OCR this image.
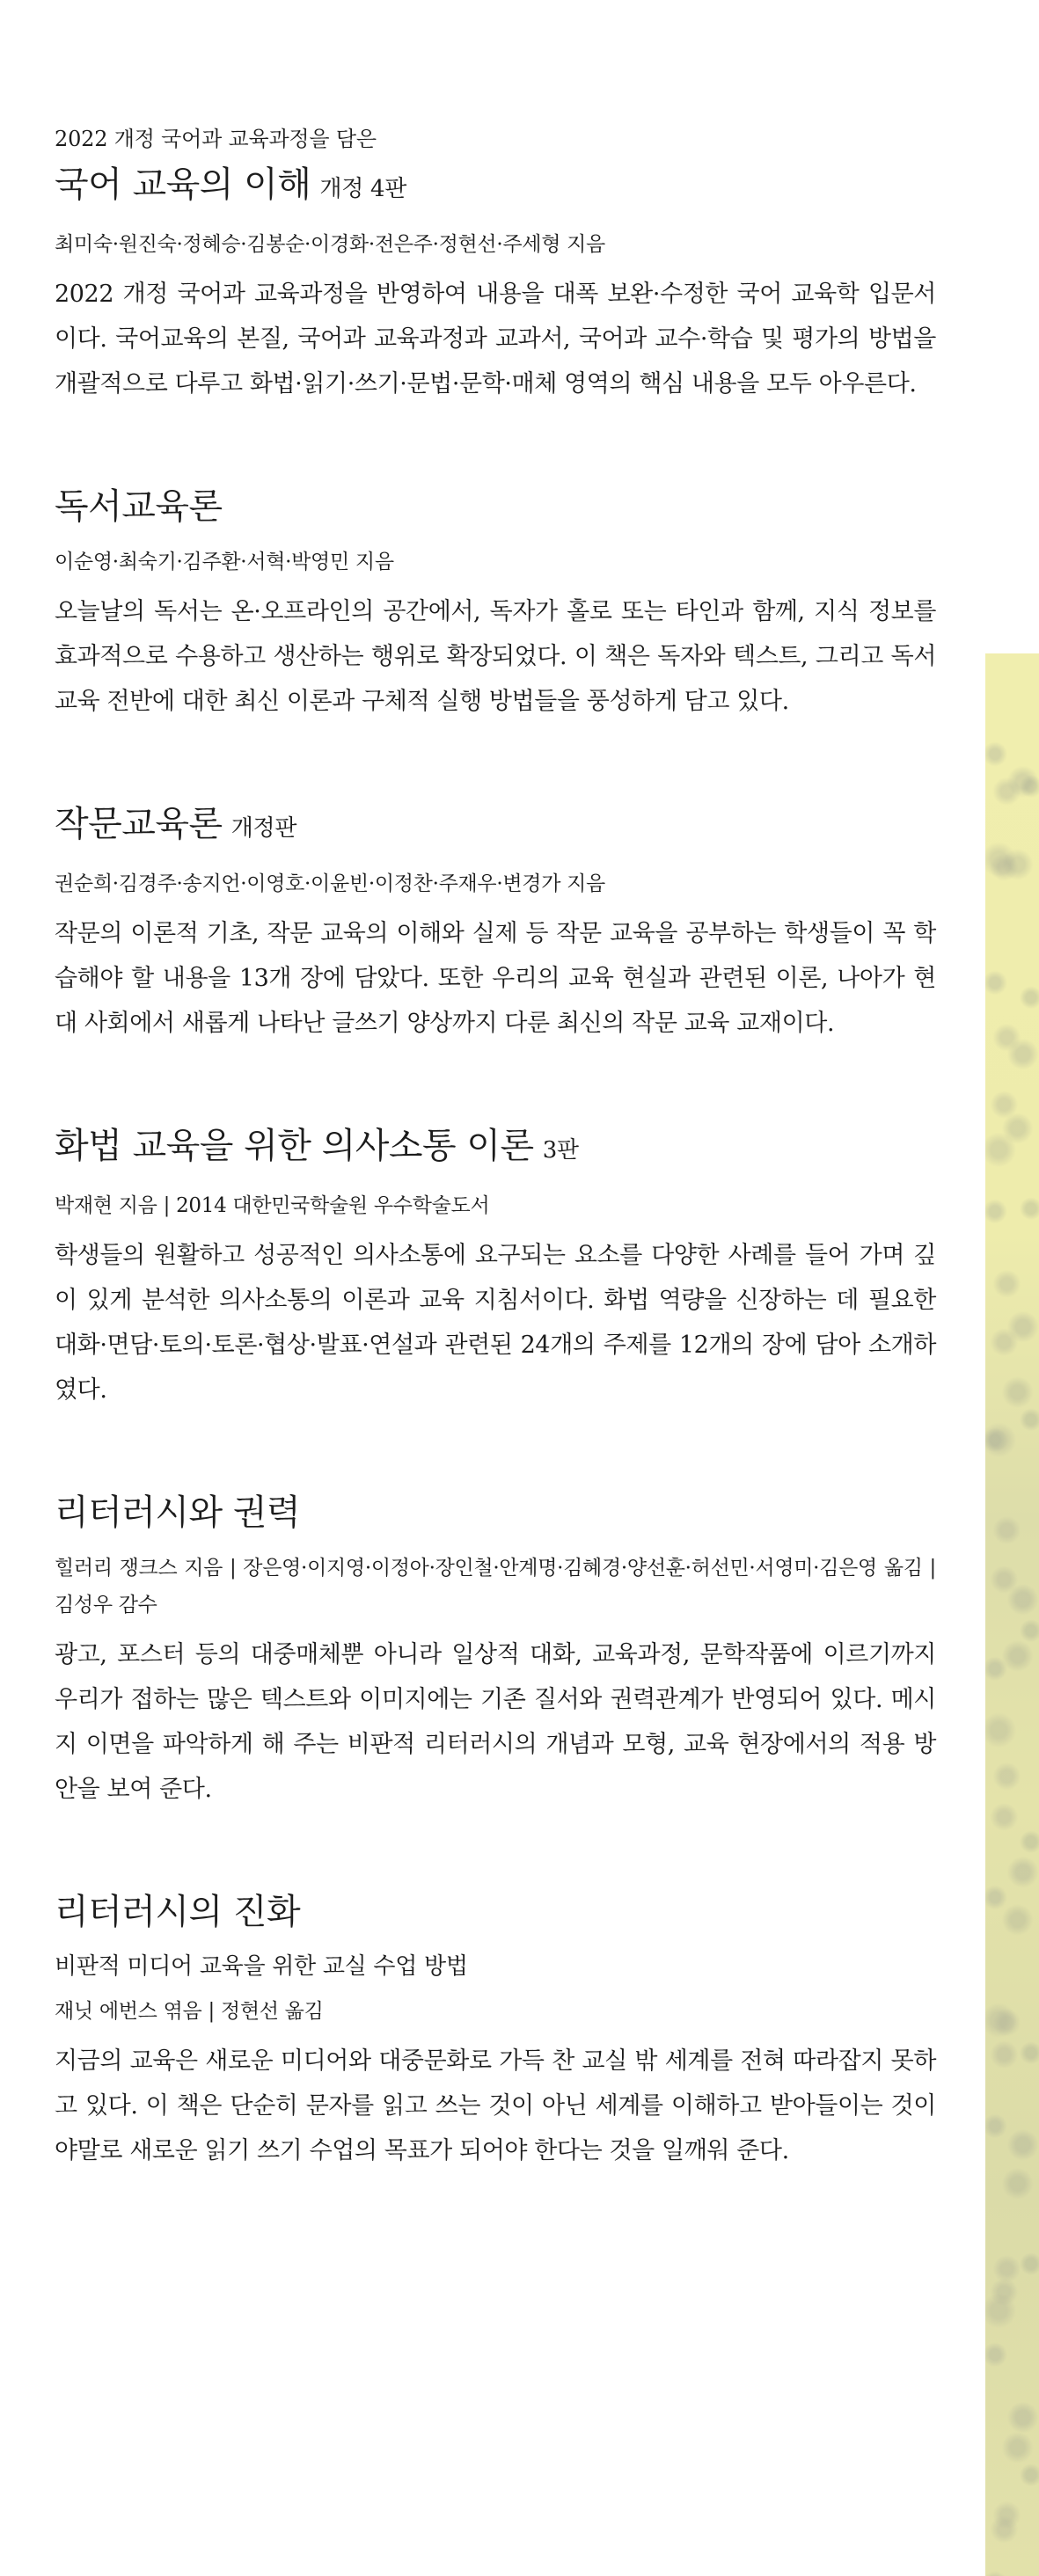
2022 개정 국어과 교육과정을 담은

국어 교육의 이해 개정 4판

최미숙·원진숙·정혜승·김봉순·이경화·전은주·정현선·주세형 지음

2022 개정 국어과 교육과정을 반영하여 내용을 대폭 보완·수정한 국어 교육학 입문서이다. 국어교육의 본질, 국어과 교육과정과 교과서, 국어과 교수·학습 및 평가의 방법을 개괄적으로 다루고 화법·읽기·쓰기·문법·문학·매체 영역의 핵심 내용을 모두 아우른다.

독서교육론

이순영·최숙기·김주환·서혁·박영민 지음

오늘날의 독서는 온·오프라인의 공간에서, 독자가 홀로 또는 타인과 함께, 지식 정보를 효과적으로 수용하고 생산하는 행위로 확장되었다. 이 책은 독자와 텍스트, 그리고 독서교육 전반에 대한 최신 이론과 구체적 실행 방법들을 풍성하게 담고 있다.

작문교육론 개정판

권순희·김경주·송지언·이영호·이윤빈·이정찬·주재우·변경가 지음

작문의 이론적 기초, 작문 교육의 이해와 실제 등 작문 교육을 공부하는 학생들이 꼭 학습해야 할 내용을 13개 장에 담았다. 또한 우리의 교육 현실과 관련된 이론, 나아가 현대 사회에서 새롭게 나타난 글쓰기 양상까지 다룬 최신의 작문 교육 교재이다.

화법 교육을 위한 의사소통 이론 3판

박재현 지음 | 2014 대한민국학술원 우수학술도서

학생들의 원활하고 성공적인 의사소통에 요구되는 요소를 다양한 사례를 들어 가며 깊이 있게 분석한 의사소통의 이론과 교육 지침서이다. 화법 역량을 신장하는 데 필요한 대화·면담·토의·토론·협상·발표·연설과 관련된 24개의 주제를 12개의 장에 담아 소개하였다.

리터러시와 권력

힐러리 쟁크스 지음 | 장은영·이지영·이정아·장인철·안계명·김혜경·양선훈·허선민·서영미·김은영 옮김 | 김성우 감수

광고, 포스터 등의 대중매체뿐 아니라 일상적 대화, 교육과정, 문학작품에 이르기까지 우리가 접하는 많은 텍스트와 이미지에는 기존 질서와 권력관계가 반영되어 있다. 메시지 이면을 파악하게 해 주는 비판적 리터러시의 개념과 모형, 교육 현장에서의 적용 방안을 보여 준다.

리터러시의 진화

비판적 미디어 교육을 위한 교실 수업 방법

재닛 에번스 엮음 | 정현선 옮김

지금의 교육은 새로운 미디어와 대중문화로 가득 찬 교실 밖 세계를 전혀 따라잡지 못하고 있다. 이 책은 단순히 문자를 읽고 쓰는 것이 아닌 세계를 이해하고 받아들이는 것이야말로 새로운 읽기 쓰기 수업의 목표가 되어야 한다는 것을 일깨워 준다.
